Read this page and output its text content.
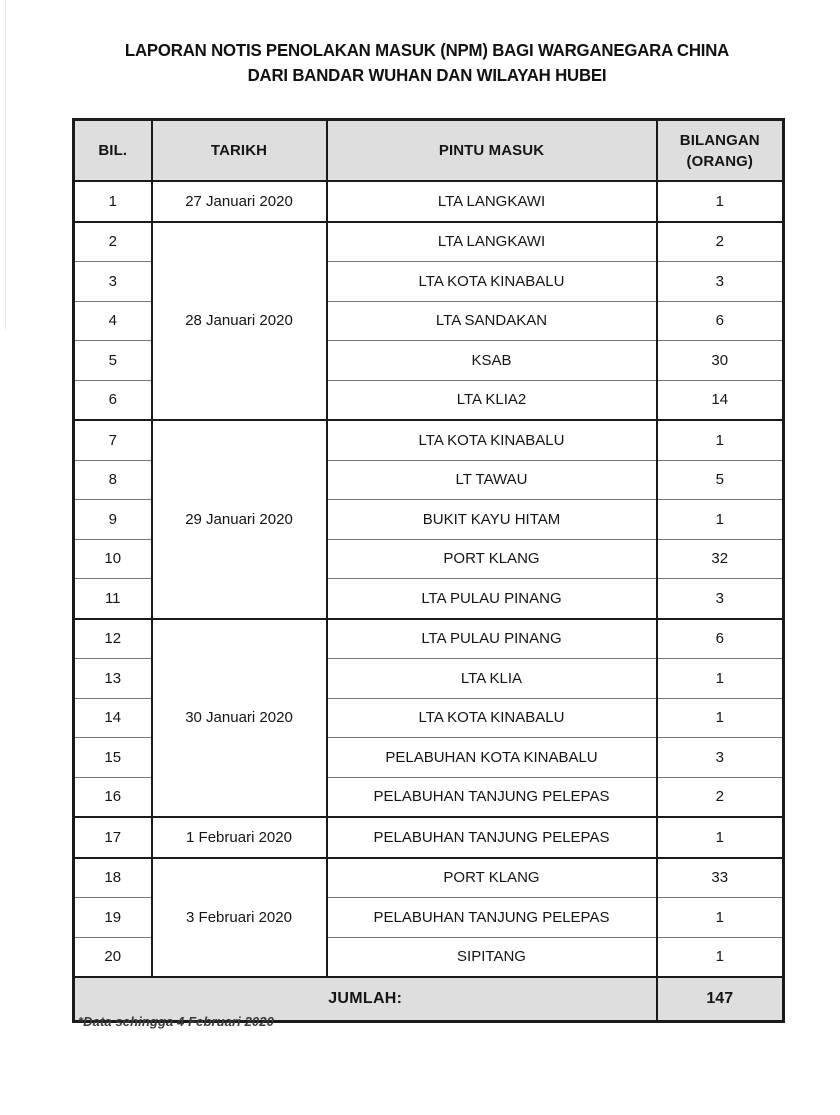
LAPORAN NOTIS PENOLAKAN MASUK (NPM) BAGI WARGANEGARA CHINA
DARI BANDAR WUHAN DAN WILAYAH HUBEI
BIL.	TARIKH	PINTU MASUK	BILANGAN
(ORANG)

1	27 Januari 2020	LTA LANGKAWI	1
2	28 Januari 2020	LTA LANGKAWI	2
3		LTA KOTA KINABALU	3
4		LTA SANDAKAN	6
5		KSAB	30
6		LTA KLIA2	14
7	29 Januari 2020	LTA KOTA KINABALU	1
8		LT TAWAU	5
9		BUKIT KAYU HITAM	1
10		PORT KLANG	32
11		LTA PULAU PINANG	3
12	30 Januari 2020	LTA PULAU PINANG	6
13		LTA KLIA	1
14		LTA KOTA KINABALU	1
15		PELABUHAN KOTA KINABALU	3
16		PELABUHAN TANJUNG PELEPAS	2
17	1 Februari 2020	PELABUHAN TANJUNG PELEPAS	1
18	3 Februari 2020	PORT KLANG	33
19		PELABUHAN TANJUNG PELEPAS	1
20		SIPITANG	1
JUMLAH:			147
*Data sehingga 4 Februari 2020
